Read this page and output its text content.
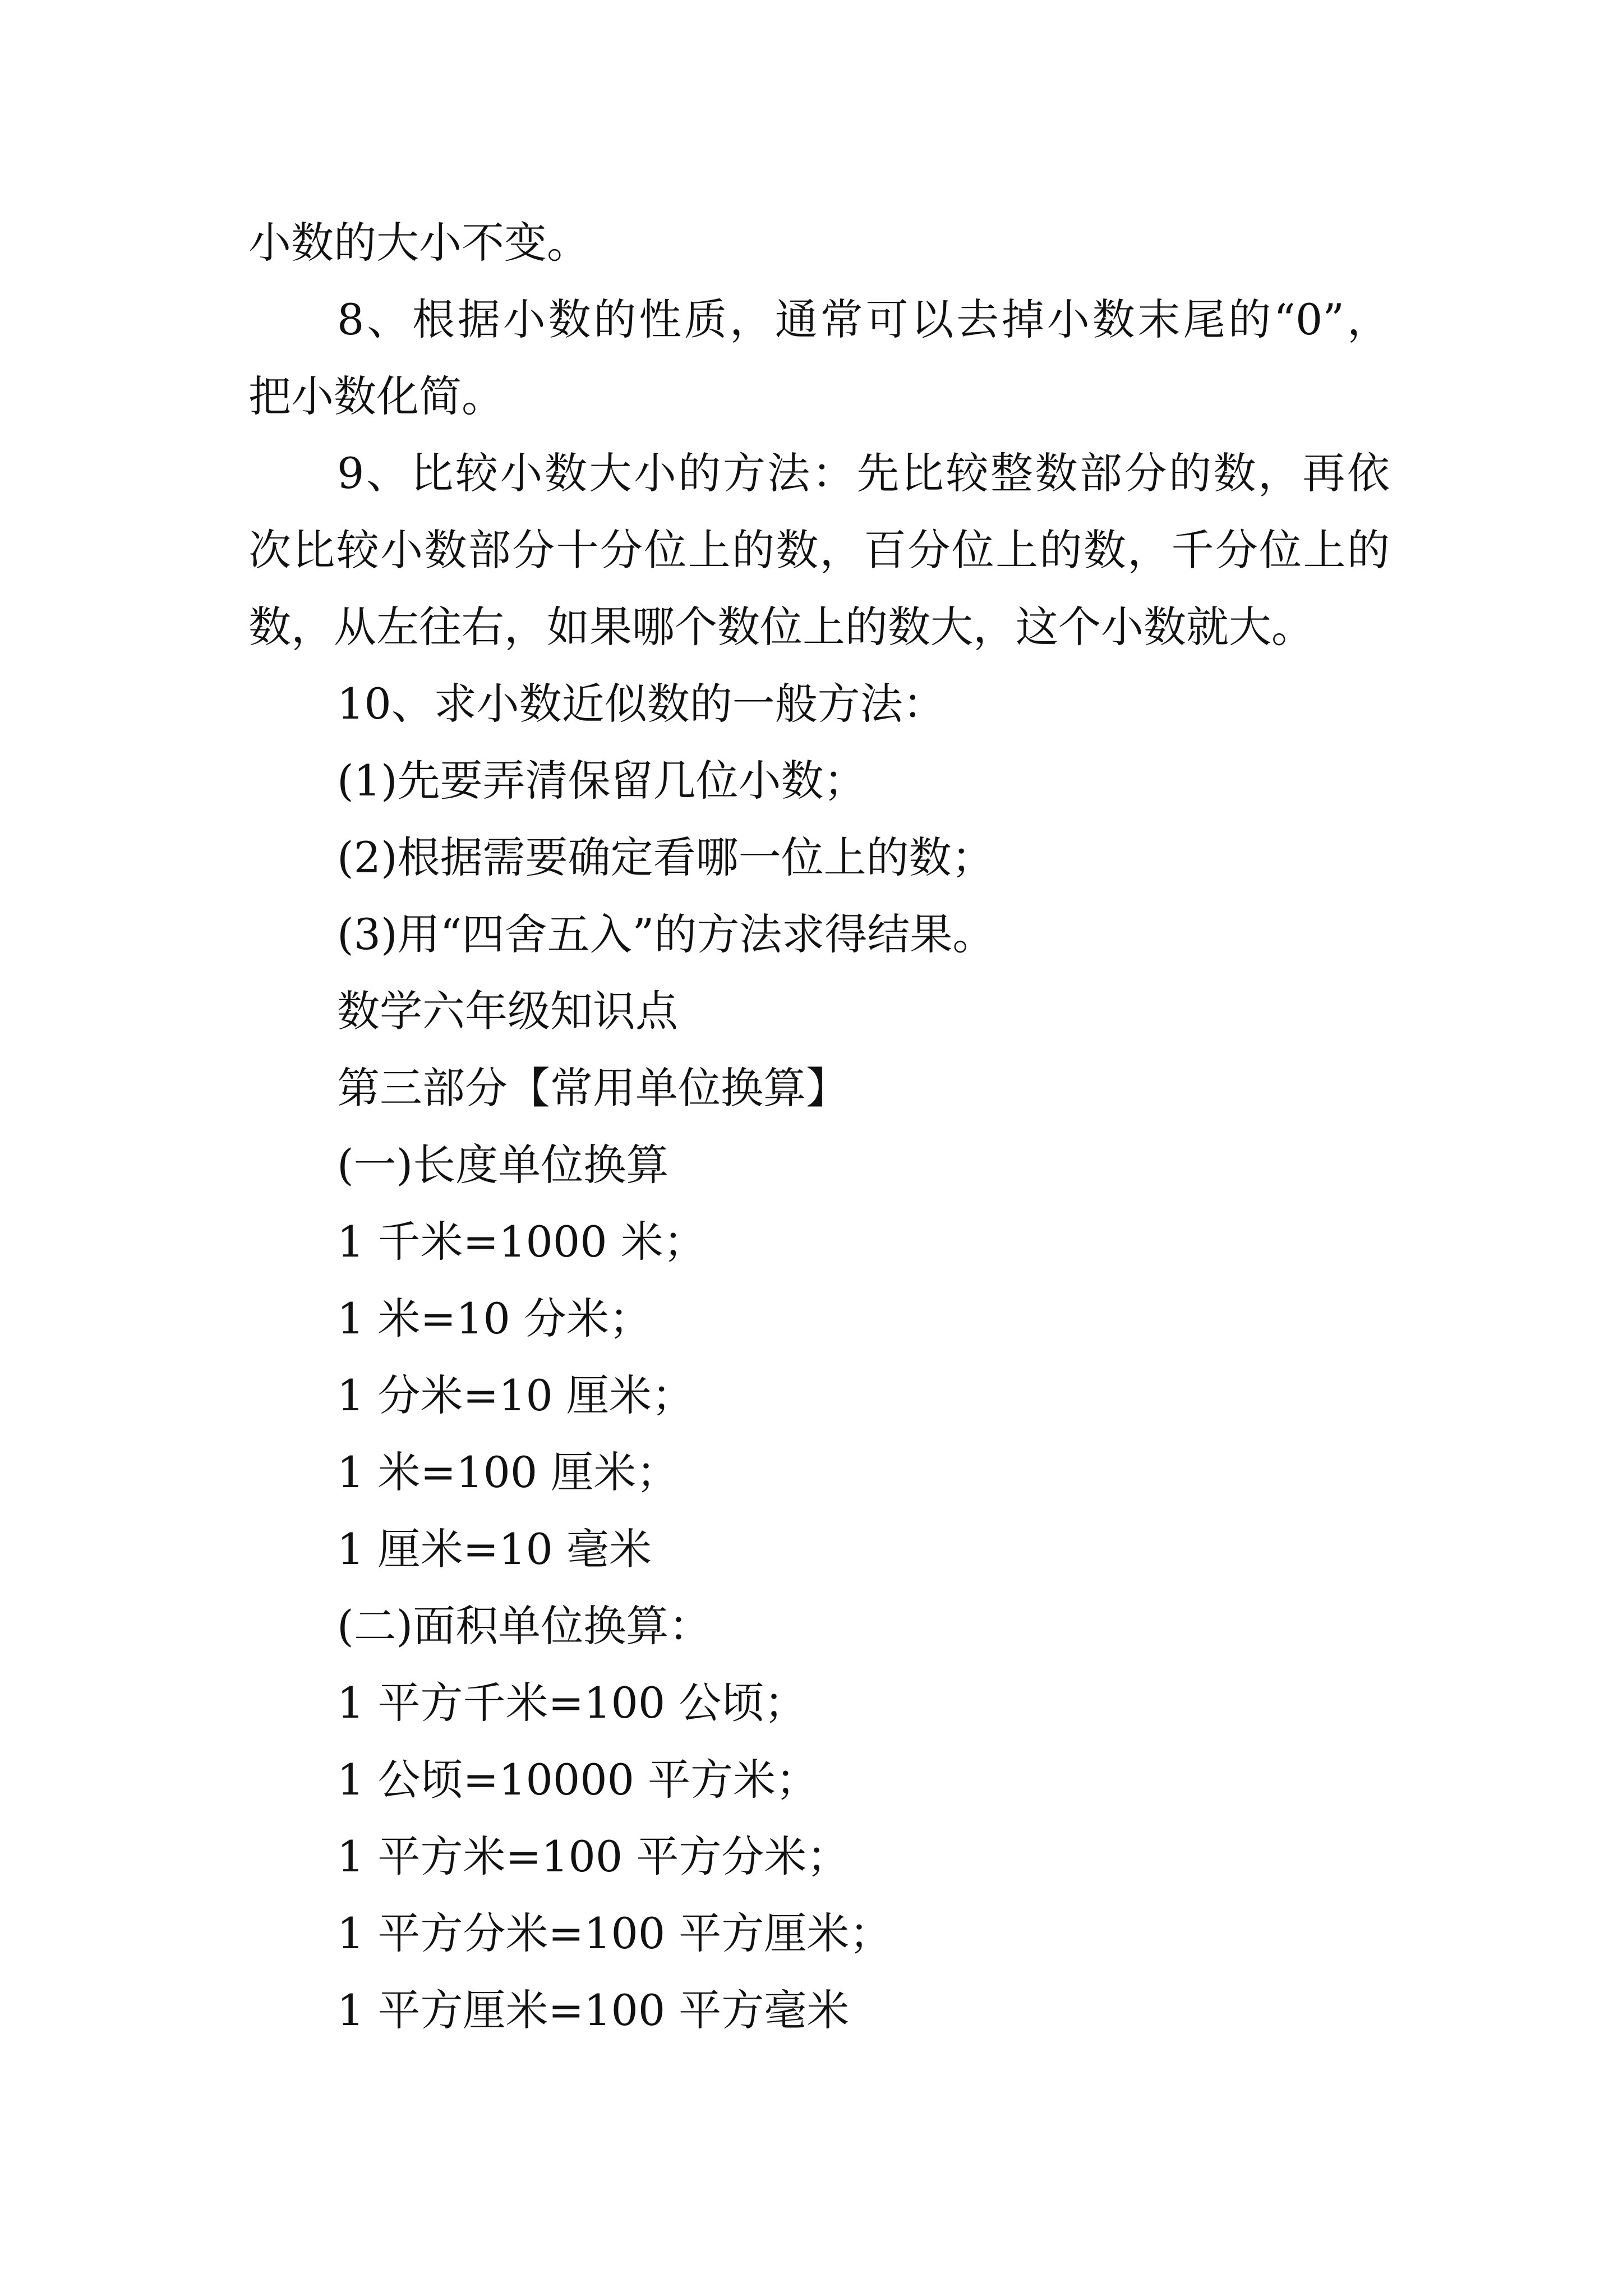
小数的大小不变。
8、根据小数的性质，通常可以去掉小数末尾的“0”，
把小数化简。
9、比较小数大小的方法：先比较整数部分的数，再依
次比较小数部分十分位上的数，百分位上的数，千分位上的
数，从左往右，如果哪个数位上的数大，这个小数就大。
10、求小数近似数的一般方法：
(1)先要弄清保留几位小数；
(2)根据需要确定看哪一位上的数；
(3)用“四舍五入”的方法求得结果。
数学六年级知识点
第三部分【常用单位换算】
(一)长度单位换算
1 千米=1000 米；
1 米=10 分米；
1 分米=10 厘米；
1 米=100 厘米；
1 厘米=10 毫米
(二)面积单位换算：
1 平方千米=100 公顷；
1 公顷=10000 平方米；
1 平方米=100 平方分米；
1 平方分米=100 平方厘米；
1 平方厘米=100 平方毫米
